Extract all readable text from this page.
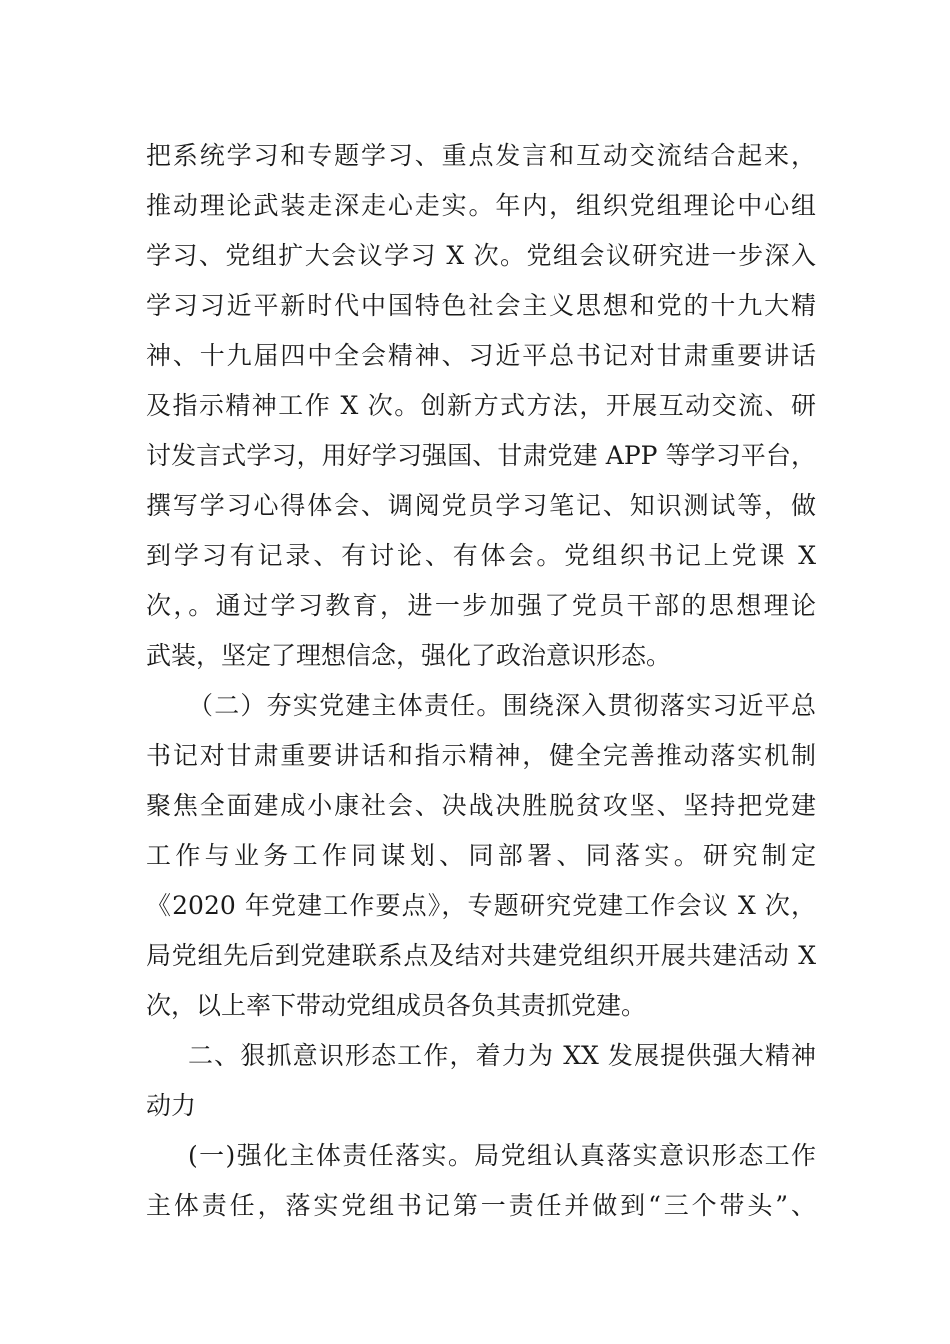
把系统学习和专题学习、重点发言和互动交流结合起来，
推动理论武装走深走心走实。年内，组织党组理论中心组
学习、党组扩大会议学习 X 次。党组会议研究进一步深入
学习习近平新时代中国特色社会主义思想和党的十九大精
神、十九届四中全会精神、习近平总书记对甘肃重要讲话
及指示精神工作 X 次。创新方式方法，开展互动交流、研
讨发言式学习，用好学习强国、甘肃党建 APP 等学习平台，
撰写学习心得体会、调阅党员学习笔记、知识测试等，做
到学习有记录、有讨论、有体会。党组织书记上党课 X
次，。通过学习教育，进一步加强了党员干部的思想理论
武装，坚定了理想信念，强化了政治意识形态。
（二）夯实党建主体责任。围绕深入贯彻落实习近平总
书记对甘肃重要讲话和指示精神，健全完善推动落实机制
聚焦全面建成小康社会、决战决胜脱贫攻坚、坚持把党建
工作与业务工作同谋划、同部署、同落实。研究制定
《2020 年党建工作要点》，专题研究党建工作会议 X 次，
局党组先后到党建联系点及结对共建党组织开展共建活动 X
次，以上率下带动党组成员各负其责抓党建。
二、狠抓意识形态工作，着力为 XX 发展提供强大精神
动力
(一)强化主体责任落实。局党组认真落实意识形态工作
主体责任，落实党组书记第一责任并做到“三个带头”、
